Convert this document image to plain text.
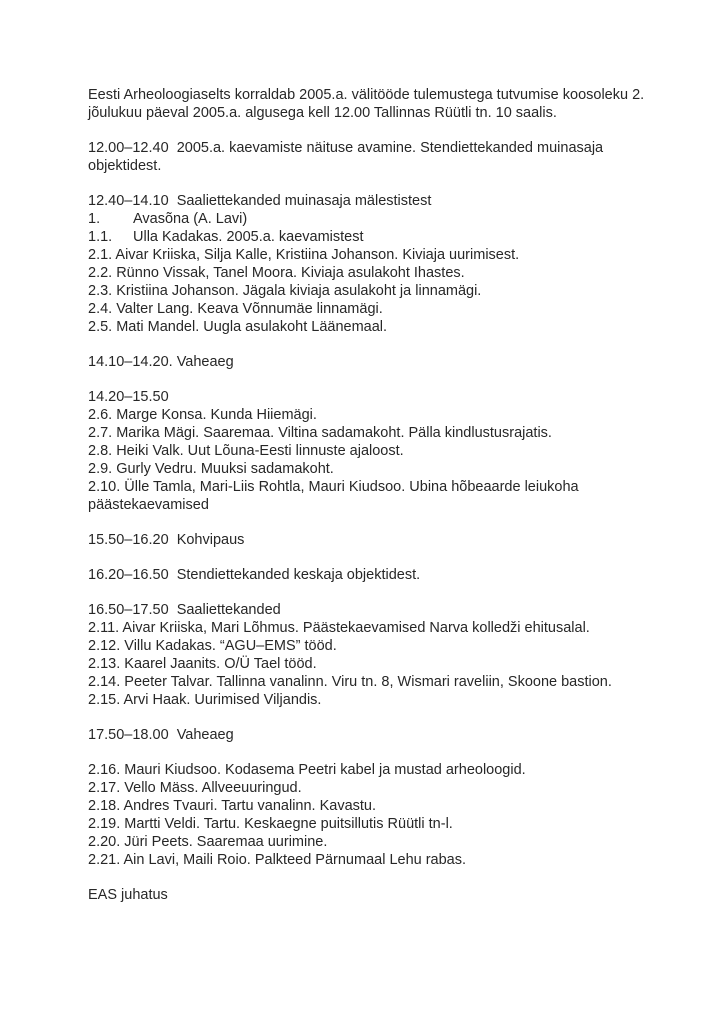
Eesti Arheoloogiaselts korraldab 2005.a. välitööde tulemustega tutvumise koosoleku 2.
jõulukuu päeval 2005.a. algusega kell 12.00 Tallinnas Rüütli tn. 10 saalis.
12.00–12.40  2005.a. kaevamiste näituse avamine. Stendiettekanded muinasaja
objektidest.
12.40–14.10  Saaliettekanded muinasaja mälestistest
1. Avasõna (A. Lavi)
1.1. Ulla Kadakas. 2005.a. kaevamistest
2.1. Aivar Kriiska, Silja Kalle, Kristiina Johanson. Kiviaja uurimisest.
2.2. Rünno Vissak, Tanel Moora. Kiviaja asulakoht Ihastes.
2.3. Kristiina Johanson. Jägala kiviaja asulakoht ja linnamägi.
2.4. Valter Lang. Keava Võnnumäe linnamägi.
2.5. Mati Mandel. Uugla asulakoht Läänemaal.
14.10–14.20. Vaheaeg
14.20–15.50
2.6. Marge Konsa. Kunda Hiiemägi.
2.7. Marika Mägi. Saaremaa. Viltina sadamakoht. Pälla kindlustusrajatis.
2.8. Heiki Valk. Uut Lõuna-Eesti linnuste ajaloost.
2.9. Gurly Vedru. Muuksi sadamakoht.
2.10. Ülle Tamla, Mari-Liis Rohtla, Mauri Kiudsoo. Ubina hõbeaarde leiukoha
päästekaevamised
15.50–16.20  Kohvipaus
16.20–16.50  Stendiettekanded keskaja objektidest.
16.50–17.50  Saaliettekanded
2.11. Aivar Kriiska, Mari Lõhmus. Päästekaevamised Narva kolledži ehitusalal.
2.12. Villu Kadakas. “AGU–EMS” tööd.
2.13. Kaarel Jaanits. O/Ü Tael tööd.
2.14. Peeter Talvar. Tallinna vanalinn. Viru tn. 8, Wismari raveliin, Skoone bastion.
2.15. Arvi Haak. Uurimised Viljandis.
17.50–18.00  Vaheaeg
2.16. Mauri Kiudsoo. Kodasema Peetri kabel ja mustad arheoloogid.
2.17. Vello Mäss. Allveeuuringud.
2.18. Andres Tvauri. Tartu vanalinn. Kavastu.
2.19. Martti Veldi. Tartu. Keskaegne puitsillutis Rüütli tn-l.
2.20. Jüri Peets. Saaremaa uurimine.
2.21. Ain Lavi, Maili Roio. Palkteed Pärnumaal Lehu rabas.
EAS juhatus
